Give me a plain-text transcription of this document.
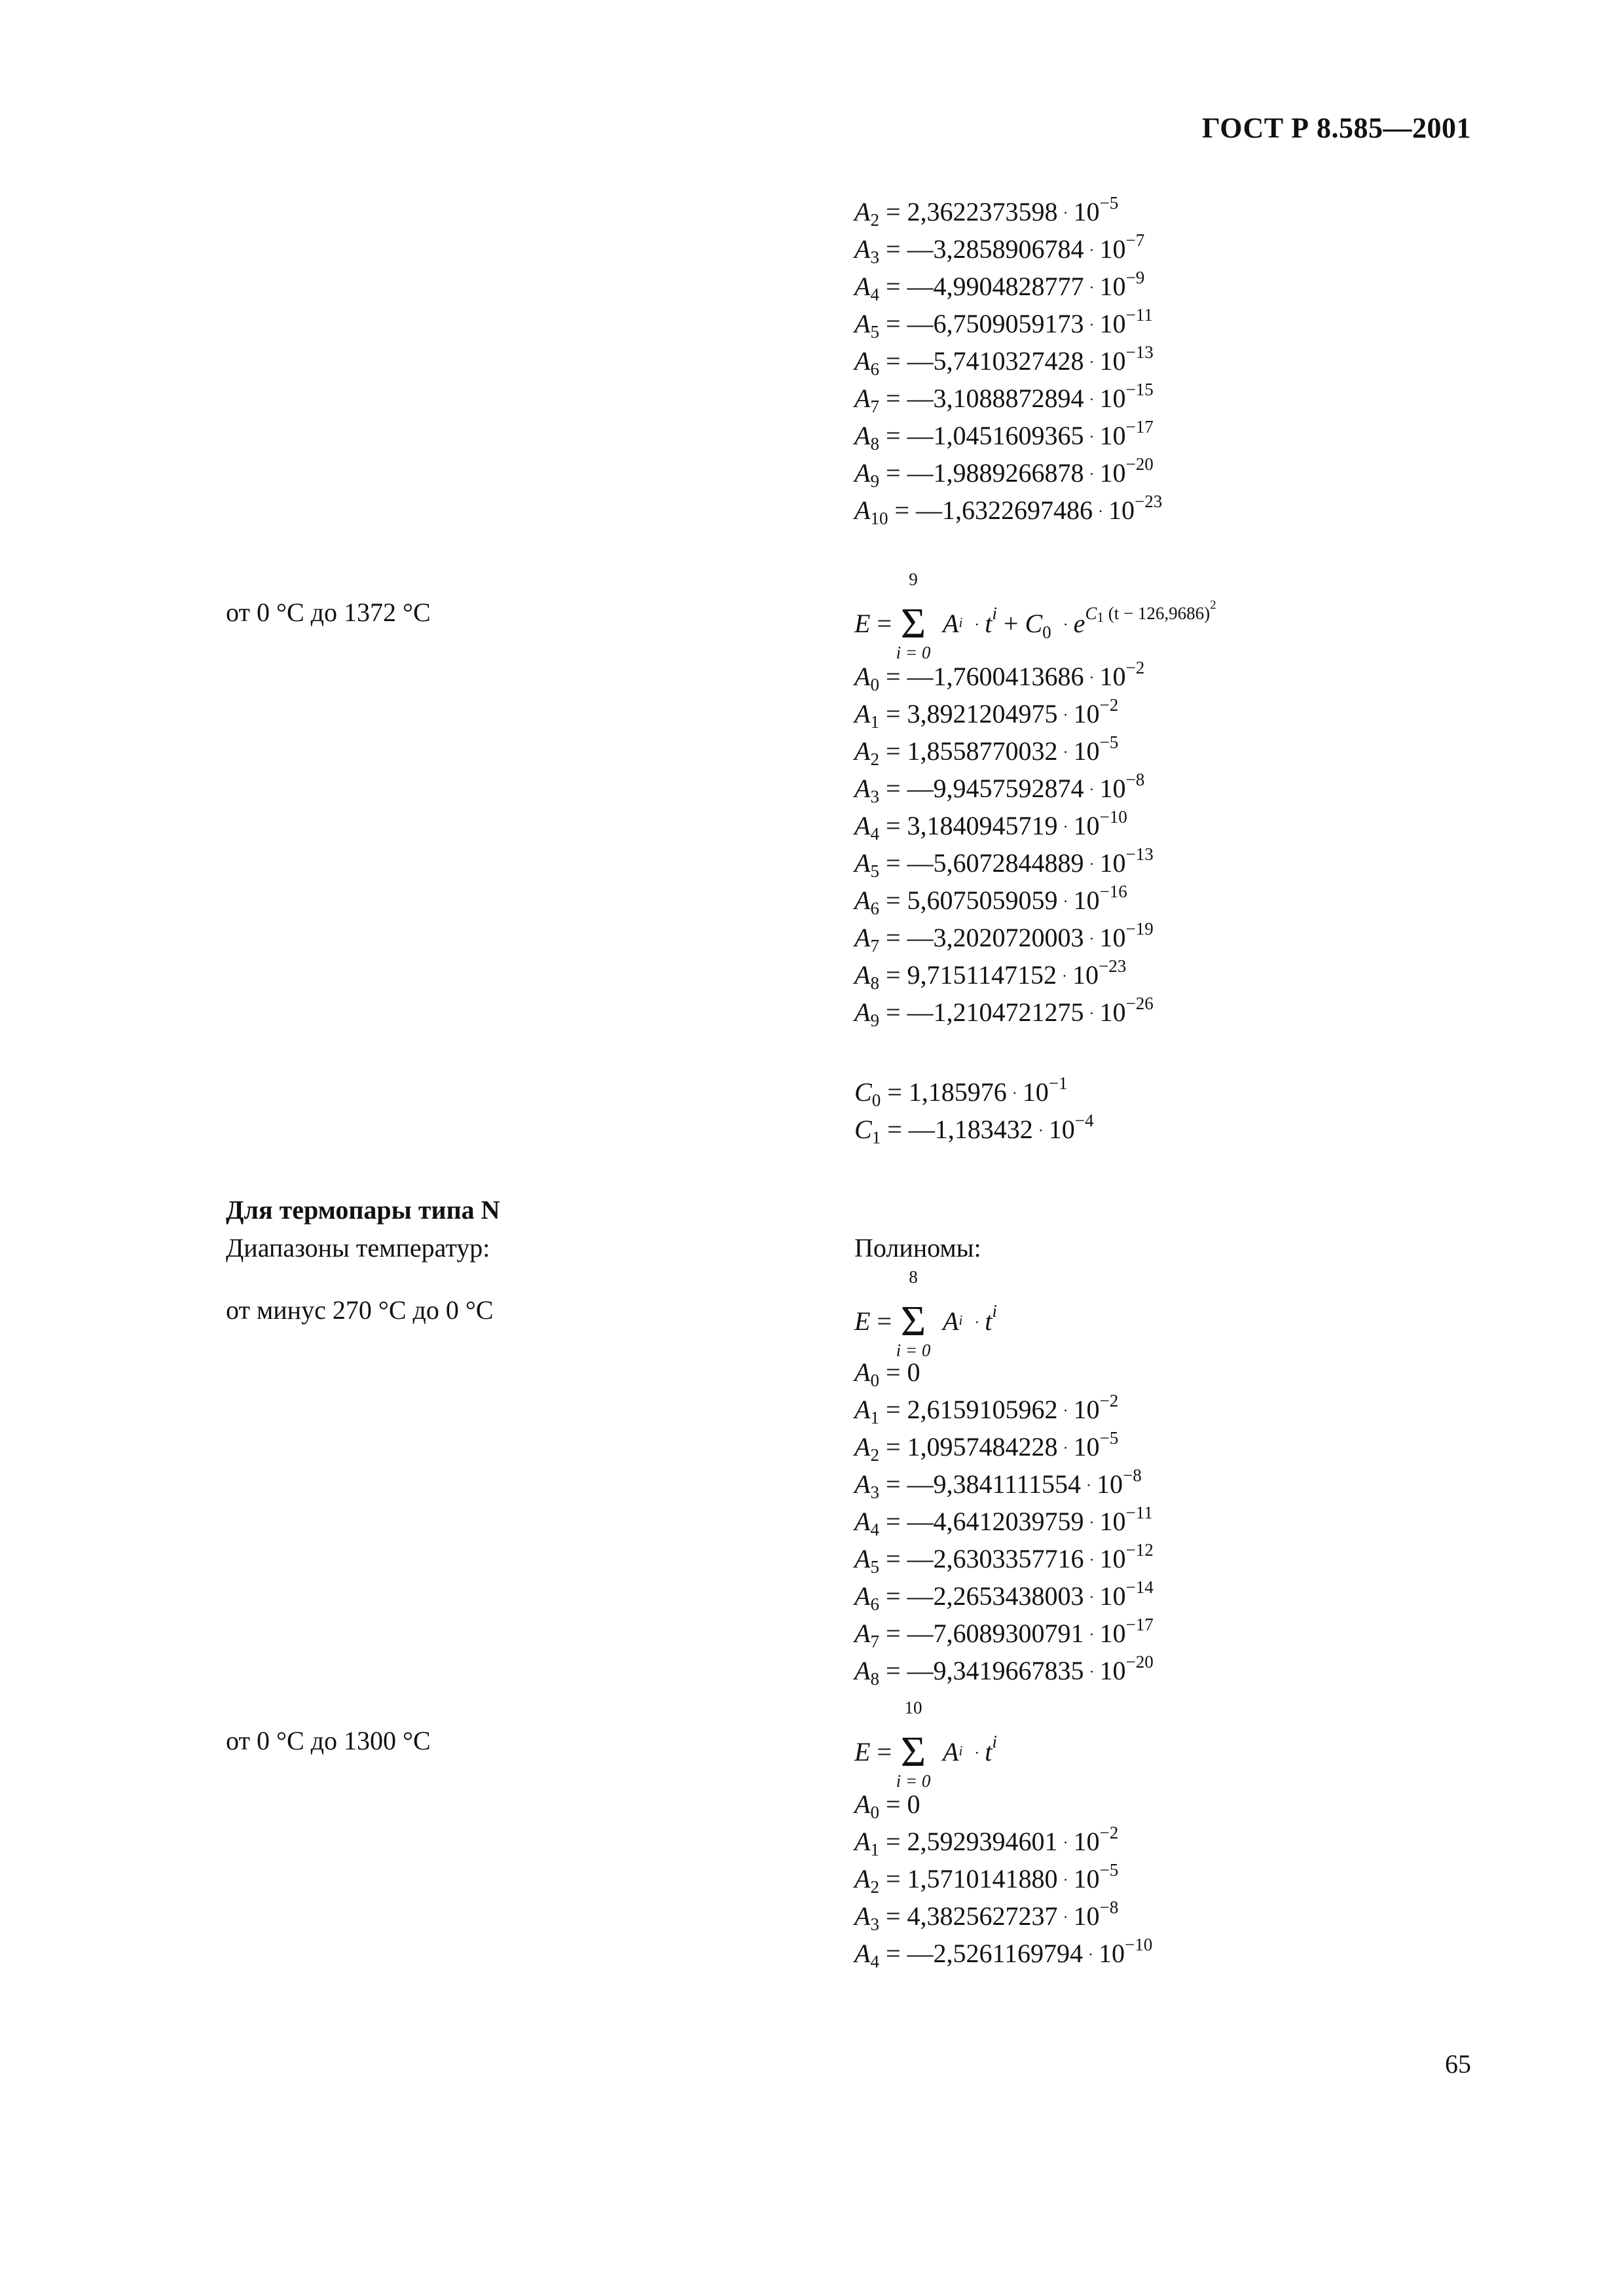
ГОСТ Р 8.585—2001
$A_2 = 2,3622373598 \cdot 10^{-5}$
$A_3$ = —3,2858906784 · $10^{-7}$
$A_4$ = —4,9904828777 · $10^{-9}$
$A_5$ = —6,7509059173 · $10^{-11}$
$A_6$ = —5,7410327428 · $10^{-13}$
$A_7$ = —3,1088872894 · $10^{-15}$
$A_8$ = —1,0451609365 · $10^{-17}$
$A_9$ = —1,9889266878 · $10^{-20}$
$A_{10}$ = —1,6322697486 · $10^{-23}$
от 0 °С до 1372 °С	E =
9
Σ
i = 0
$A_i \cdot t^i + C_0 \cdot e^{C1 (t - 126,9686)^2}$
$A_0$ = —1,7600413686 · $10^{-2}$
$A_1 = 3,8921204975 \cdot 10^{-2}$
$A_2 = 1,8558770032 \cdot 10^{-5}$
$A_3$ = —9,9457592874 · $10^{-8}$
$A_4 = 3,1840945719 \cdot 10^{-10}$
$A_5$ = —5,6072844889 · $10^{-13}$
$A_6 = 5,6075059059 \cdot 10^{-16}$
$A_7$ = —3,2020720003 · $10^{-19}$
$A_8 = 9,7151147152 \cdot 10^{-23}$
$A_9$ = —1,2104721275 · $10^{-26}$
$C_0 = 1,185976 \cdot 10^{-1}$
$C_1$ = —1,183432 · $10^{-4}$
Для термопары типа N
Диапазоны температур:	Полиномы:
от минус 270 °С до 0 °С	E =
8
Σ
i = 0
$A_i \cdot t^i$
$A_0 = 0$
$A_1 = 2,6159105962 \cdot 10^{-2}$
$A_2 = 1,0957484228 \cdot 10^{-5}$
$A_3$ = —9,3841111554 · $10^{-8}$
$A_4$ = —4,6412039759 · $10^{-11}$
$A_5$ = —2,6303357716 · $10^{-12}$
$A_6$ = —2,2653438003 · $10^{-14}$
$A_7$ = —7,6089300791 · $10^{-17}$
$A_8$ = —9,3419667835 · $10^{-20}$
от 0 °С до 1300 °С	E =
10
Σ
i = 0
$A_i \cdot t^i$
$A_0 = 0$
$A_1 = 2,5929394601 \cdot 10^{-2}$
$A_2 = 1,5710141880 \cdot 10^{-5}$
$A_3 = 4,3825627237 \cdot 10^{-8}$
$A_4$ = —2,5261169794 · $10^{-10}$
65
